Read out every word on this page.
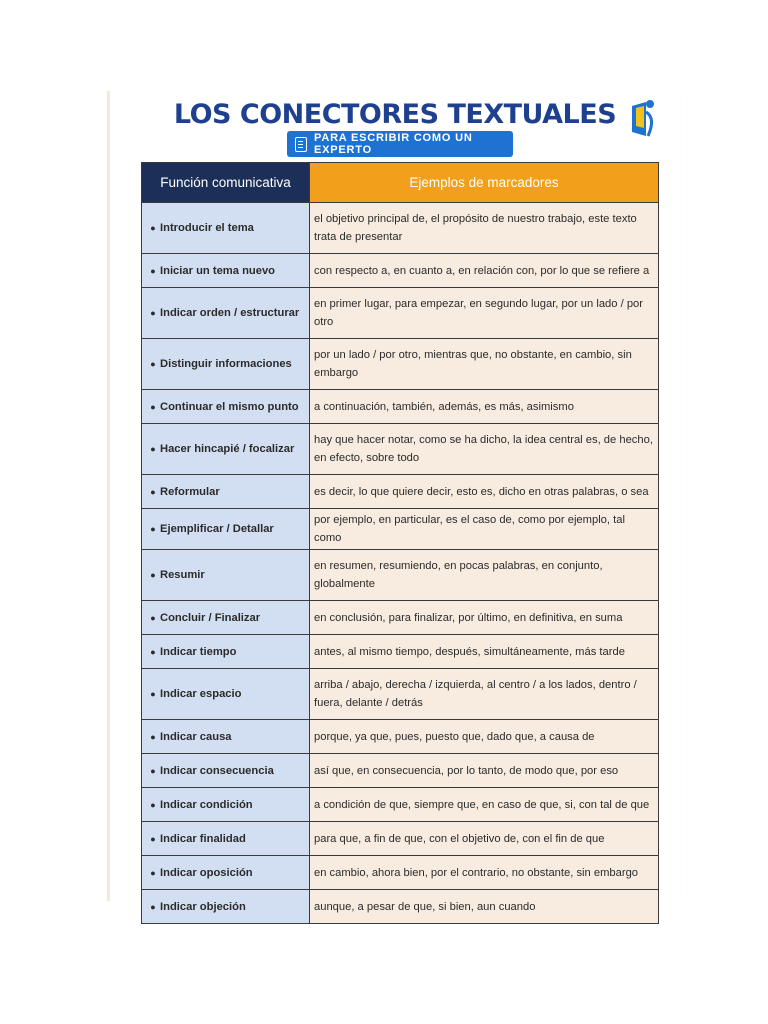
LOS CONECTORES TEXTUALES
PARA ESCRIBIR COMO UN EXPERTO
Función comunicativa	Ejemplos de marcadores
● Introducir el tema	el objetivo principal de, el propósito de nuestro trabajo, este texto trata de presentar
● Iniciar un tema nuevo	con respecto a, en cuanto a, en relación con, por lo que se refiere a
● Indicar orden / estructurar	en primer lugar, para empezar, en segundo lugar, por un lado / por otro
● Distinguir informaciones	por un lado / por otro, mientras que, no obstante, en cambio, sin embargo
● Continuar el mismo punto	a continuación, también, además, es más, asimismo
● Hacer hincapié / focalizar	hay que hacer notar, como se ha dicho, la idea central es, de hecho, en efecto, sobre todo
● Reformular	es decir, lo que quiere decir, esto es, dicho en otras palabras, o sea
● Ejemplificar / Detallar	por ejemplo, en particular, es el caso de, como por ejemplo, tal como
● Resumir	en resumen, resumiendo, en pocas palabras, en conjunto, globalmente
● Concluir / Finalizar	en conclusión, para finalizar, por último, en definitiva, en suma
● Indicar tiempo	antes, al mismo tiempo, después, simultáneamente, más tarde
● Indicar espacio	arriba / abajo, derecha / izquierda, al centro / a los lados, dentro / fuera, delante / detrás
● Indicar causa	porque, ya que, pues, puesto que, dado que, a causa de
● Indicar consecuencia	así que, en consecuencia, por lo tanto, de modo que, por eso
● Indicar condición	a condición de que, siempre que, en caso de que, si, con tal de que
● Indicar finalidad	para que, a fin de que, con el objetivo de, con el fin de que
● Indicar oposición	en cambio, ahora bien, por el contrario, no obstante, sin embargo
● Indicar objeción	aunque, a pesar de que, si bien, aun cuando
